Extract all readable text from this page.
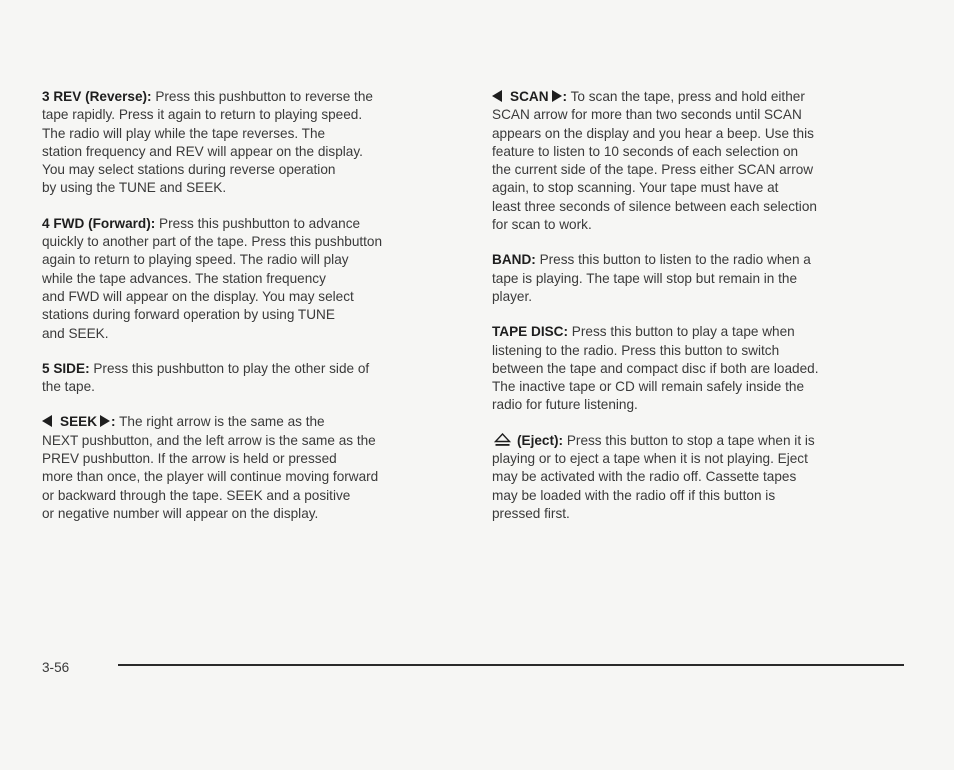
3 REV (Reverse): Press this pushbutton to reverse the
tape rapidly. Press it again to return to playing speed.
The radio will play while the tape reverses. The
station frequency and REV will appear on the display.
You may select stations during reverse operation
by using the TUNE and SEEK.
4 FWD (Forward): Press this pushbutton to advance
quickly to another part of the tape. Press this pushbutton
again to return to playing speed. The radio will play
while the tape advances. The station frequency
and FWD will appear on the display. You may select
stations during forward operation by using TUNE
and SEEK.
5 SIDE: Press this pushbutton to play the other side of
the tape.
SEEK : The right arrow is the same as the
NEXT pushbutton, and the left arrow is the same as the
PREV pushbutton. If the arrow is held or pressed
more than once, the player will continue moving forward
or backward through the tape. SEEK and a positive
or negative number will appear on the display.
SCAN : To scan the tape, press and hold either
SCAN arrow for more than two seconds until SCAN
appears on the display and you hear a beep. Use this
feature to listen to 10 seconds of each selection on
the current side of the tape. Press either SCAN arrow
again, to stop scanning. Your tape must have at
least three seconds of silence between each selection
for scan to work.
BAND: Press this button to listen to the radio when a
tape is playing. The tape will stop but remain in the
player.
TAPE DISC: Press this button to play a tape when
listening to the radio. Press this button to switch
between the tape and compact disc if both are loaded.
The inactive tape or CD will remain safely inside the
radio for future listening.
(Eject): Press this button to stop a tape when it is
playing or to eject a tape when it is not playing. Eject
may be activated with the radio off. Cassette tapes
may be loaded with the radio off if this button is
pressed first.
3-56
